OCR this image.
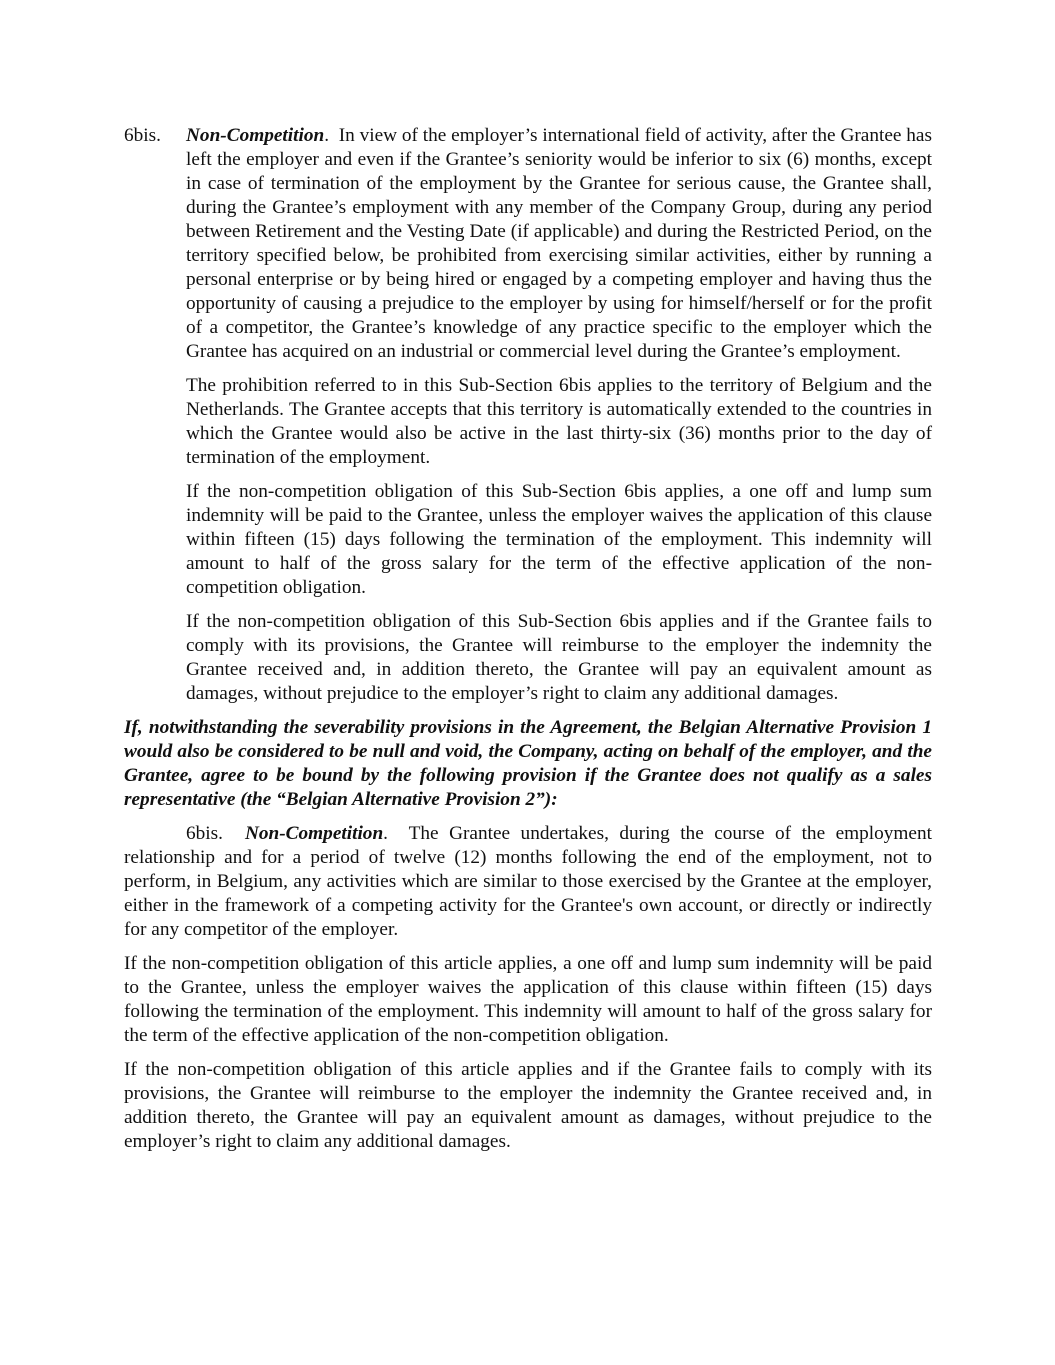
6bis. Non-Competition. In view of the employer’s international field of activity, after the Grantee has left the employer and even if the Grantee’s seniority would be inferior to six (6) months, except in case of termination of the employment by the Grantee for serious cause, the Grantee shall, during the Grantee’s employment with any member of the Company Group, during any period between Retirement and the Vesting Date (if applicable) and during the Restricted Period, on the territory specified below, be prohibited from exercising similar activities, either by running a personal enterprise or by being hired or engaged by a competing employer and having thus the opportunity of causing a prejudice to the employer by using for himself/herself or for the profit of a competitor, the Grantee’s knowledge of any practice specific to the employer which the Grantee has acquired on an industrial or commercial level during the Grantee’s employment.

The prohibition referred to in this Sub-Section 6bis applies to the territory of Belgium and the Netherlands. The Grantee accepts that this territory is automatically extended to the countries in which the Grantee would also be active in the last thirty-six (36) months prior to the day of termination of the employment.

If the non-competition obligation of this Sub-Section 6bis applies, a one off and lump sum indemnity will be paid to the Grantee, unless the employer waives the application of this clause within fifteen (15) days following the termination of the employment. This indemnity will amount to half of the gross salary for the term of the effective application of the non-competition obligation.

If the non-competition obligation of this Sub-Section 6bis applies and if the Grantee fails to comply with its provisions, the Grantee will reimburse to the employer the indemnity the Grantee received and, in addition thereto, the Grantee will pay an equivalent amount as damages, without prejudice to the employer’s right to claim any additional damages.

If, notwithstanding the severability provisions in the Agreement, the Belgian Alternative Provision 1 would also be considered to be null and void, the Company, acting on behalf of the employer, and the Grantee, agree to be bound by the following provision if the Grantee does not qualify as a sales representative (the “Belgian Alternative Provision 2”):

6bis. Non-Competition. The Grantee undertakes, during the course of the employment relationship and for a period of twelve (12) months following the end of the employment, not to perform, in Belgium, any activities which are similar to those exercised by the Grantee at the employer, either in the framework of a competing activity for the Grantee's own account, or directly or indirectly for any competitor of the employer.

If the non-competition obligation of this article applies, a one off and lump sum indemnity will be paid to the Grantee, unless the employer waives the application of this clause within fifteen (15) days following the termination of the employment. This indemnity will amount to half of the gross salary for the term of the effective application of the non-competition obligation.

If the non-competition obligation of this article applies and if the Grantee fails to comply with its provisions, the Grantee will reimburse to the employer the indemnity the Grantee received and, in addition thereto, the Grantee will pay an equivalent amount as damages, without prejudice to the employer’s right to claim any additional damages.
